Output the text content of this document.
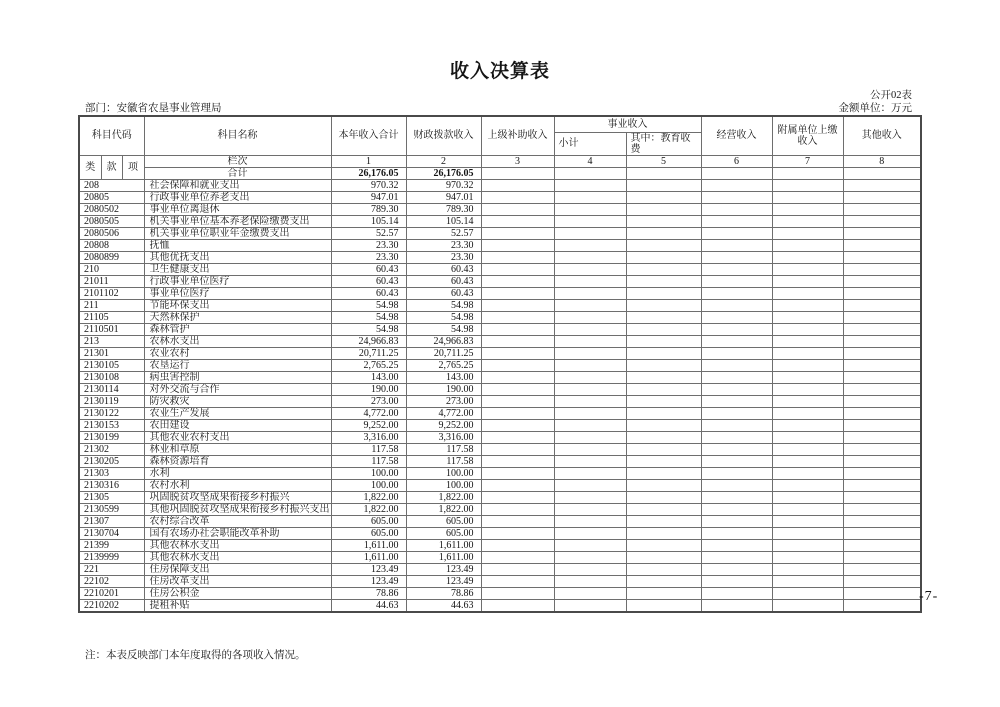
收入决算表
公开02表
部门：安徽省农垦事业管理局	金额单位：万元
科目代码			科目名称	本年收入合计	财政拨款收入	上级补助收入	事业收入		经营收入	附属单位上缴收入	其他收入
							小计	其中：教育收费			
类	款	项	栏次	1	2	3	4	5	6	7	8
			合计	26,176.05	26,176.05						
208			社会保障和就业支出	970.32	970.32						
20805			行政事业单位养老支出	947.01	947.01						
2080502			事业单位离退休	789.30	789.30						
2080505			机关事业单位基本养老保险缴费支出	105.14	105.14						
2080506			机关事业单位职业年金缴费支出	52.57	52.57						
20808			抚恤	23.30	23.30						
2080899			其他优抚支出	23.30	23.30						
210			卫生健康支出	60.43	60.43						
21011			行政事业单位医疗	60.43	60.43						
2101102			事业单位医疗	60.43	60.43						
211			节能环保支出	54.98	54.98						
21105			天然林保护	54.98	54.98						
2110501			森林管护	54.98	54.98						
213			农林水支出	24,966.83	24,966.83						
21301			农业农村	20,711.25	20,711.25						
2130105			农垦运行	2,765.25	2,765.25						
2130108			病虫害控制	143.00	143.00						
2130114			对外交流与合作	190.00	190.00						
2130119			防灾救灾	273.00	273.00						
2130122			农业生产发展	4,772.00	4,772.00						
2130153			农田建设	9,252.00	9,252.00						
2130199			其他农业农村支出	3,316.00	3,316.00						
21302			林业和草原	117.58	117.58						
2130205			森林资源培育	117.58	117.58						
21303			水利	100.00	100.00						
2130316			农村水利	100.00	100.00						
21305			巩固脱贫攻坚成果衔接乡村振兴	1,822.00	1,822.00						
2130599			其他巩固脱贫攻坚成果衔接乡村振兴支出	1,822.00	1,822.00						
21307			农村综合改革	605.00	605.00						
2130704			国有农场办社会职能改革补助	605.00	605.00						
21399			其他农林水支出	1,611.00	1,611.00						
2139999			其他农林水支出	1,611.00	1,611.00						
221			住房保障支出	123.49	123.49						
22102			住房改革支出	123.49	123.49						
2210201			住房公积金	78.86	78.86						
2210202			提租补贴	44.63	44.63						
注：本表反映部门本年度取得的各项收入情况。
-7-
